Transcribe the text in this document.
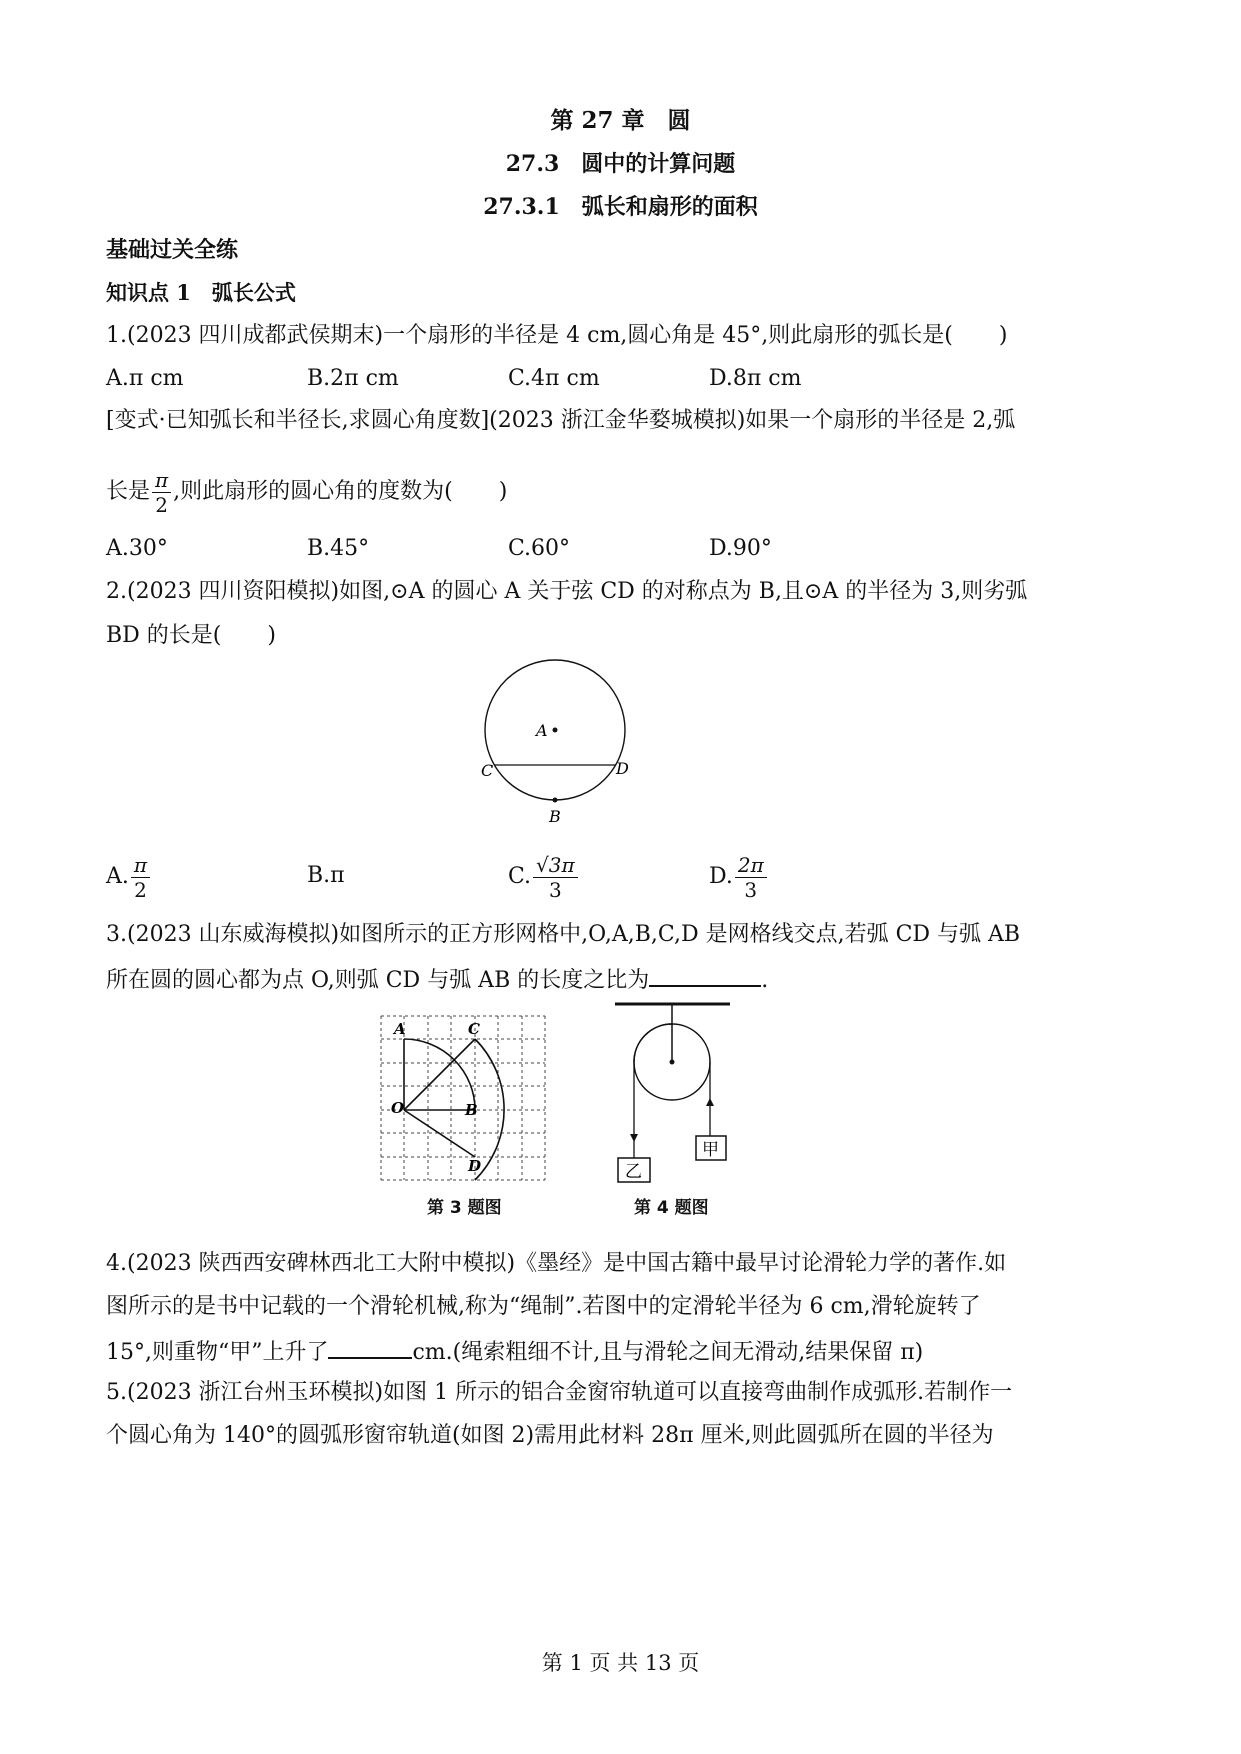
第 27 章　圆
27.3　圆中的计算问题
27.3.1　弧长和扇形的面积
基础过关全练
知识点 1　弧长公式
1.(2023 四川成都武侯期末)一个扇形的半径是 4 cm,圆心角是 45°,则此扇形的弧长是( )
A.π cm	B.2π cm	C.4π cm	D.8π cm
[变式·已知弧长和半径长,求圆心角度数](2023 浙江金华婺城模拟)如果一个扇形的半径是 2,弧
长是 $\frac{\pi}{2}$ ,则此扇形的圆心角的度数为( )
A.30°	B.45°	C.60°	D.90°
2.(2023 四川资阳模拟)如图,⊙A 的圆心 A 关于弦 CD 的对称点为 B,且⊙A 的半径为 3,则劣弧
BD 的长是( )
A
C	D
B
A. $\frac{\pi}{2}$	B.π	C. $\frac{√3\pi}{3}$	D. $\frac{2\pi}{3}$
3.(2023 山东威海模拟)如图所示的正方形网格中,O,A,B,C,D 是网格线交点,若弧 CD 与弧 AB
所在圆的圆心都为点 O,则弧 CD 与弧 AB 的长度之比为	.
A	C
O	B
D
第 3 题图
甲
乙
第 4 题图
4.(2023 陕西西安碑林西北工大附中模拟)《墨经》是中国古籍中最早讨论滑轮力学的著作.如
图所示的是书中记载的一个滑轮机械,称为“绳制”.若图中的定滑轮半径为 6 cm,滑轮旋转了
15°,则重物“甲”上升了	cm.(绳索粗细不计,且与滑轮之间无滑动,结果保留 π)
5.(2023 浙江台州玉环模拟)如图 1 所示的铝合金窗帘轨道可以直接弯曲制作成弧形.若制作一
个圆心角为 140°的圆弧形窗帘轨道(如图 2)需用此材料 28π 厘米,则此圆弧所在圆的半径为
第 1 页 共 13 页
